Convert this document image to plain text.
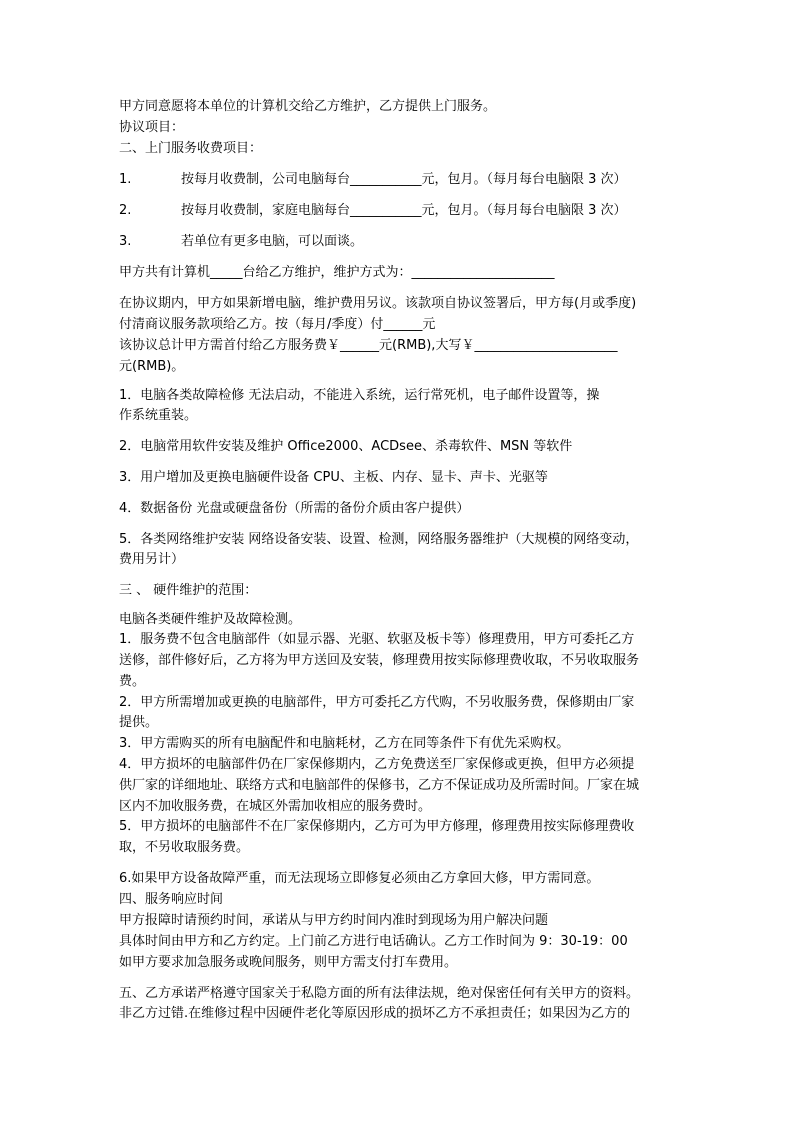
甲方同意愿将本单位的计算机交给乙方维护，乙方提供上门服务。
协议项目：
二、上门服务收费项目：
1.	按每月收费制，公司电脑每台___________元，包月。（每月每台电脑限 3 次）
2.	按每月收费制，家庭电脑每台___________元，包月。（每月每台电脑限 3 次）
3.	若单位有更多电脑，可以面谈。
甲方共有计算机_____台给乙方维护，维护方式为：______________________
在协议期内，甲方如果新增电脑，维护费用另议。该款项自协议签署后，甲方每(月或季度)
付清商议服务款项给乙方。按（每月/季度）付______元
该协议总计甲方需首付给乙方服务费￥______元(RMB),大写￥______________________
元(RMB)。
1．电脑各类故障检修 无法启动，不能进入系统，运行常死机，电子邮件设置等，操
作系统重装。
2．电脑常用软件安装及维护 Office2000、ACDsee、杀毒软件、MSN 等软件
3．用户增加及更换电脑硬件设备 CPU、主板、内存、显卡、声卡、光驱等
4．数据备份 光盘或硬盘备份（所需的备份介质由客户提供）
5．各类网络维护安装 网络设备安装、设置、检测，网络服务器维护（大规模的网络变动，
费用另计）
三 、 硬件维护的范围：
电脑各类硬件维护及故障检测。
1．服务费不包含电脑部件（如显示器、光驱、软驱及板卡等）修理费用，甲方可委托乙方
送修，部件修好后，乙方将为甲方送回及安装，修理费用按实际修理费收取，不另收取服务
费。
2．甲方所需增加或更换的电脑部件，甲方可委托乙方代购，不另收服务费，保修期由厂家
提供。
3．甲方需购买的所有电脑配件和电脑耗材，乙方在同等条件下有优先采购权。
4．甲方损坏的电脑部件仍在厂家保修期内，乙方免费送至厂家保修或更换，但甲方必须提
供厂家的详细地址、联络方式和电脑部件的保修书，乙方不保证成功及所需时间。厂家在城
区内不加收服务费，在城区外需加收相应的服务费时。
5．甲方损坏的电脑部件不在厂家保修期内，乙方可为甲方修理，修理费用按实际修理费收
取，不另收取服务费。
6.如果甲方设备故障严重，而无法现场立即修复必须由乙方拿回大修，甲方需同意。
四、服务响应时间
甲方报障时请预约时间，承诺从与甲方约时间内准时到现场为用户解决问题
具体时间由甲方和乙方约定。上门前乙方进行电话确认。乙方工作时间为 9：30-19：00
如甲方要求加急服务或晚间服务，则甲方需支付打车费用。
五、乙方承诺严格遵守国家关于私隐方面的所有法律法规，绝对保密任何有关甲方的资料。
非乙方过错.在维修过程中因硬件老化等原因形成的损坏乙方不承担责任；如果因为乙方的
